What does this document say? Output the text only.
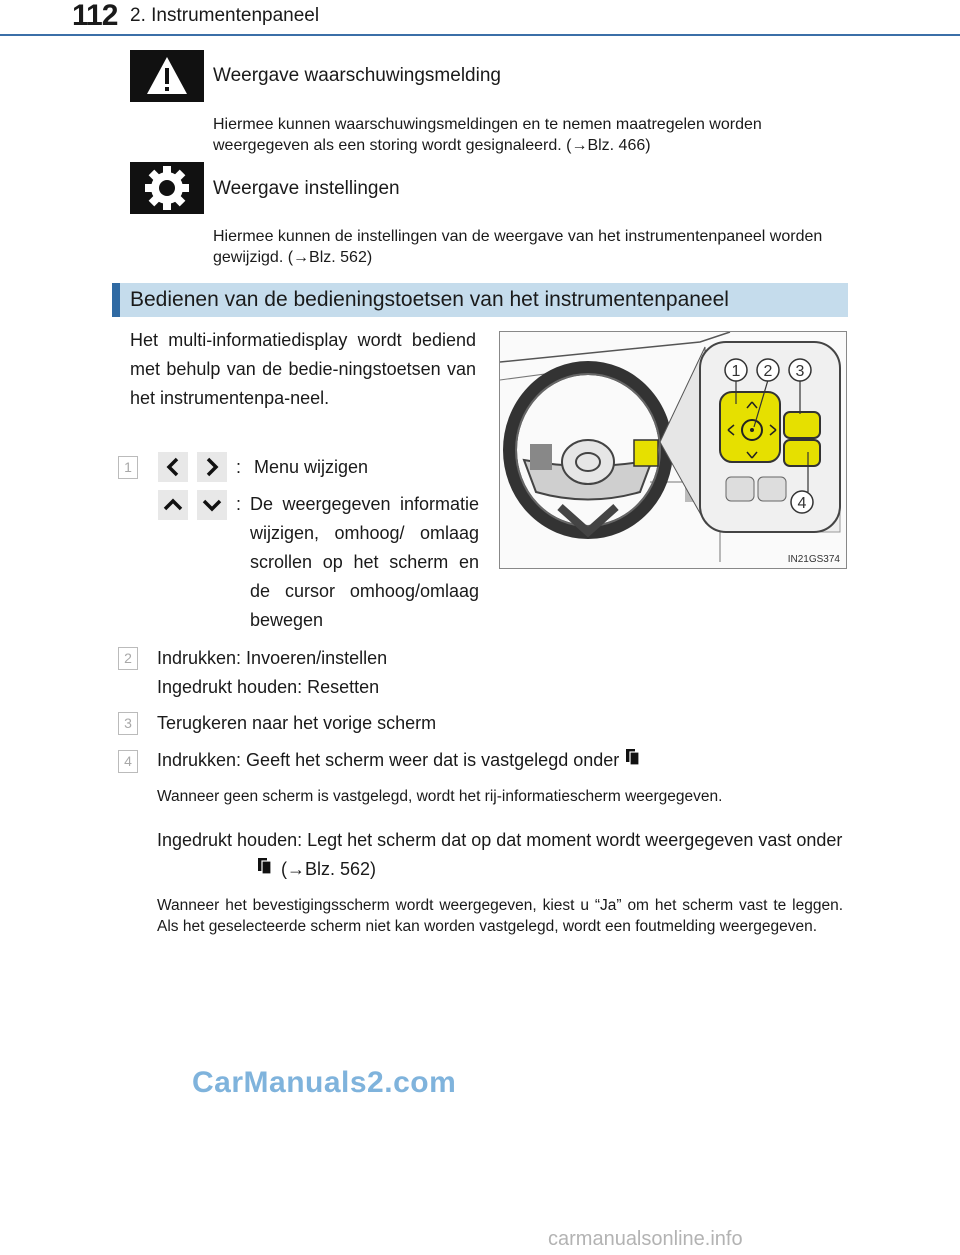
112 2. Instrumentenpaneel
Weergave waarschuwingsmelding
Hiermee kunnen waarschuwingsmeldingen en te nemen maatregelen worden weergegeven als een storing wordt gesignaleerd. (→Blz. 466)
Weergave instellingen
Hiermee kunnen de instellingen van de weergave van het instrumentenpaneel worden gewijzigd. (→Blz. 562)
Bedienen van de bedieningstoetsen van het instrumentenpaneel
Het multi-informatiedisplay wordt bediend met behulp van de bedie-ningstoetsen van het instrumentenpa-neel.
1 2 3
4
IN21GS374
1	: Menu wijzigen
: De weergegeven informatie wijzigen, omhoog/ omlaag scrollen op het scherm en de cursor omhoog/omlaag bewegen
2	Indrukken: Invoeren/instellen
Ingedrukt houden: Resetten
3	Terugkeren naar het vorige scherm
4	Indrukken: Geeft het scherm weer dat is vastgelegd onder
Wanneer geen scherm is vastgelegd, wordt het rij-informatiescherm weergegeven.
Ingedrukt houden: Legt het scherm dat op dat moment wordt weergegeven vast onder
(→Blz. 562)
Wanneer het bevestigingsscherm wordt weergegeven, kiest u “Ja” om het scherm vast te leggen. Als het geselecteerde scherm niet kan worden vastgelegd, wordt een foutmelding weergegeven.
CarManuals2.com
carmanualsonline.info
